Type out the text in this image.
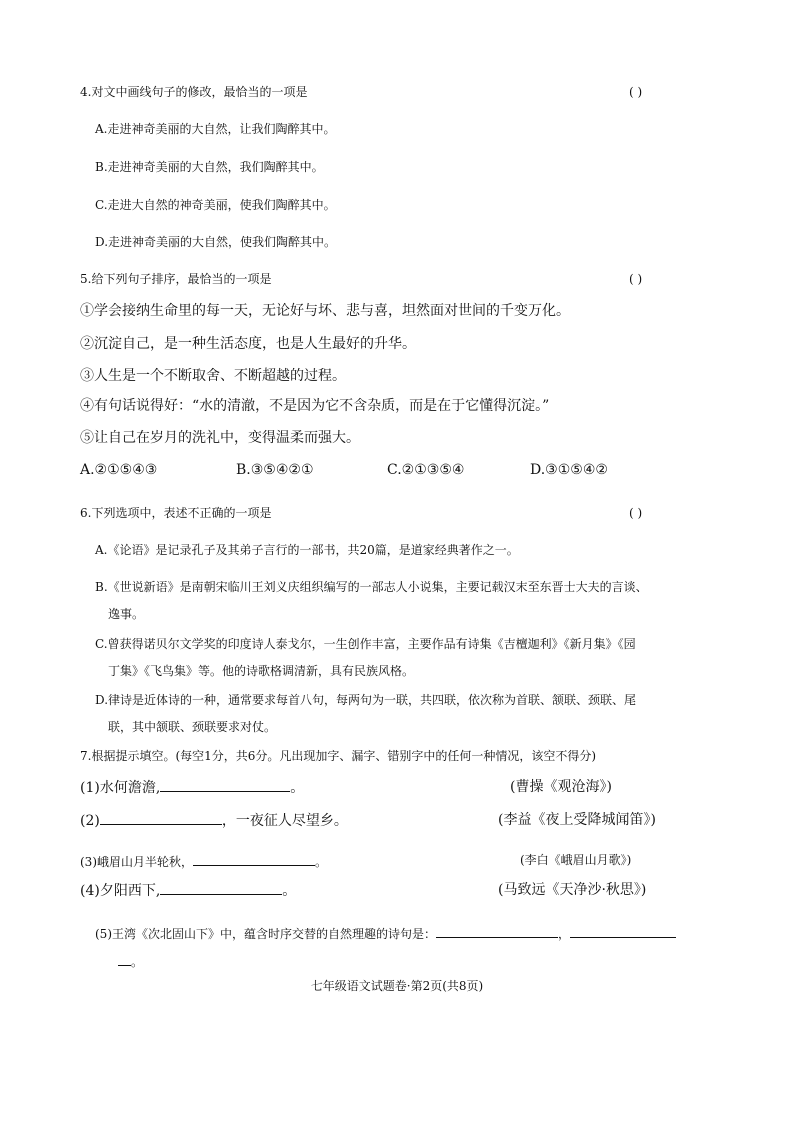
4.对文中画线句子的修改，最恰当的一项是	( )
A.走进神奇美丽的大自然，让我们陶醉其中。
B.走进神奇美丽的大自然，我们陶醉其中。
C.走进大自然的神奇美丽，使我们陶醉其中。
D.走进神奇美丽的大自然，使我们陶醉其中。
5.给下列句子排序，最恰当的一项是	( )
①学会接纳生命里的每一天，无论好与坏、悲与喜，坦然面对世间的千变万化。
②沉淀自己，是一种生活态度，也是人生最好的升华。
③人生是一个不断取舍、不断超越的过程。
④有句话说得好：“水的清澈，不是因为它不含杂质，而是在于它懂得沉淀。”
⑤让自己在岁月的洗礼中，变得温柔而强大。
A.②①⑤④③	B.③⑤④②①	C.②①③⑤④	D.③①⑤④②
6.下列选项中，表述不正确的一项是	( )
A.《论语》是记录孔子及其弟子言行的一部书，共20篇，是道家经典著作之一。
B.《世说新语》是南朝宋临川王刘义庆组织编写的一部志人小说集，主要记载汉末至东晋士大夫的言谈、
逸事。
C.曾获得诺贝尔文学奖的印度诗人泰戈尔，一生创作丰富，主要作品有诗集《吉檀迦利》《新月集》《园
丁集》《飞鸟集》等。他的诗歌格调清新，具有民族风格。
D.律诗是近体诗的一种，通常要求每首八句，每两句为一联，共四联，依次称为首联、颔联、颈联、尾
联，其中颔联、颈联要求对仗。
7.根据提示填空。(每空1分，共6分。凡出现加字、漏字、错别字中的任何一种情况，该空不得分)
(1)水何澹澹,	。	(曹操《观沧海》)
(2)	，一夜征人尽望乡。	(李益《夜上受降城闻笛》)
(3)峨眉山月半轮秋，	。	(李白《峨眉山月歌》)
(4)夕阳西下,	。	(马致远《天净沙·秋思》)
(5)王湾《次北固山下》中，蕴含时序交替的自然理趣的诗句是：	，
。
七年级语文试题卷·第2页(共8页)
